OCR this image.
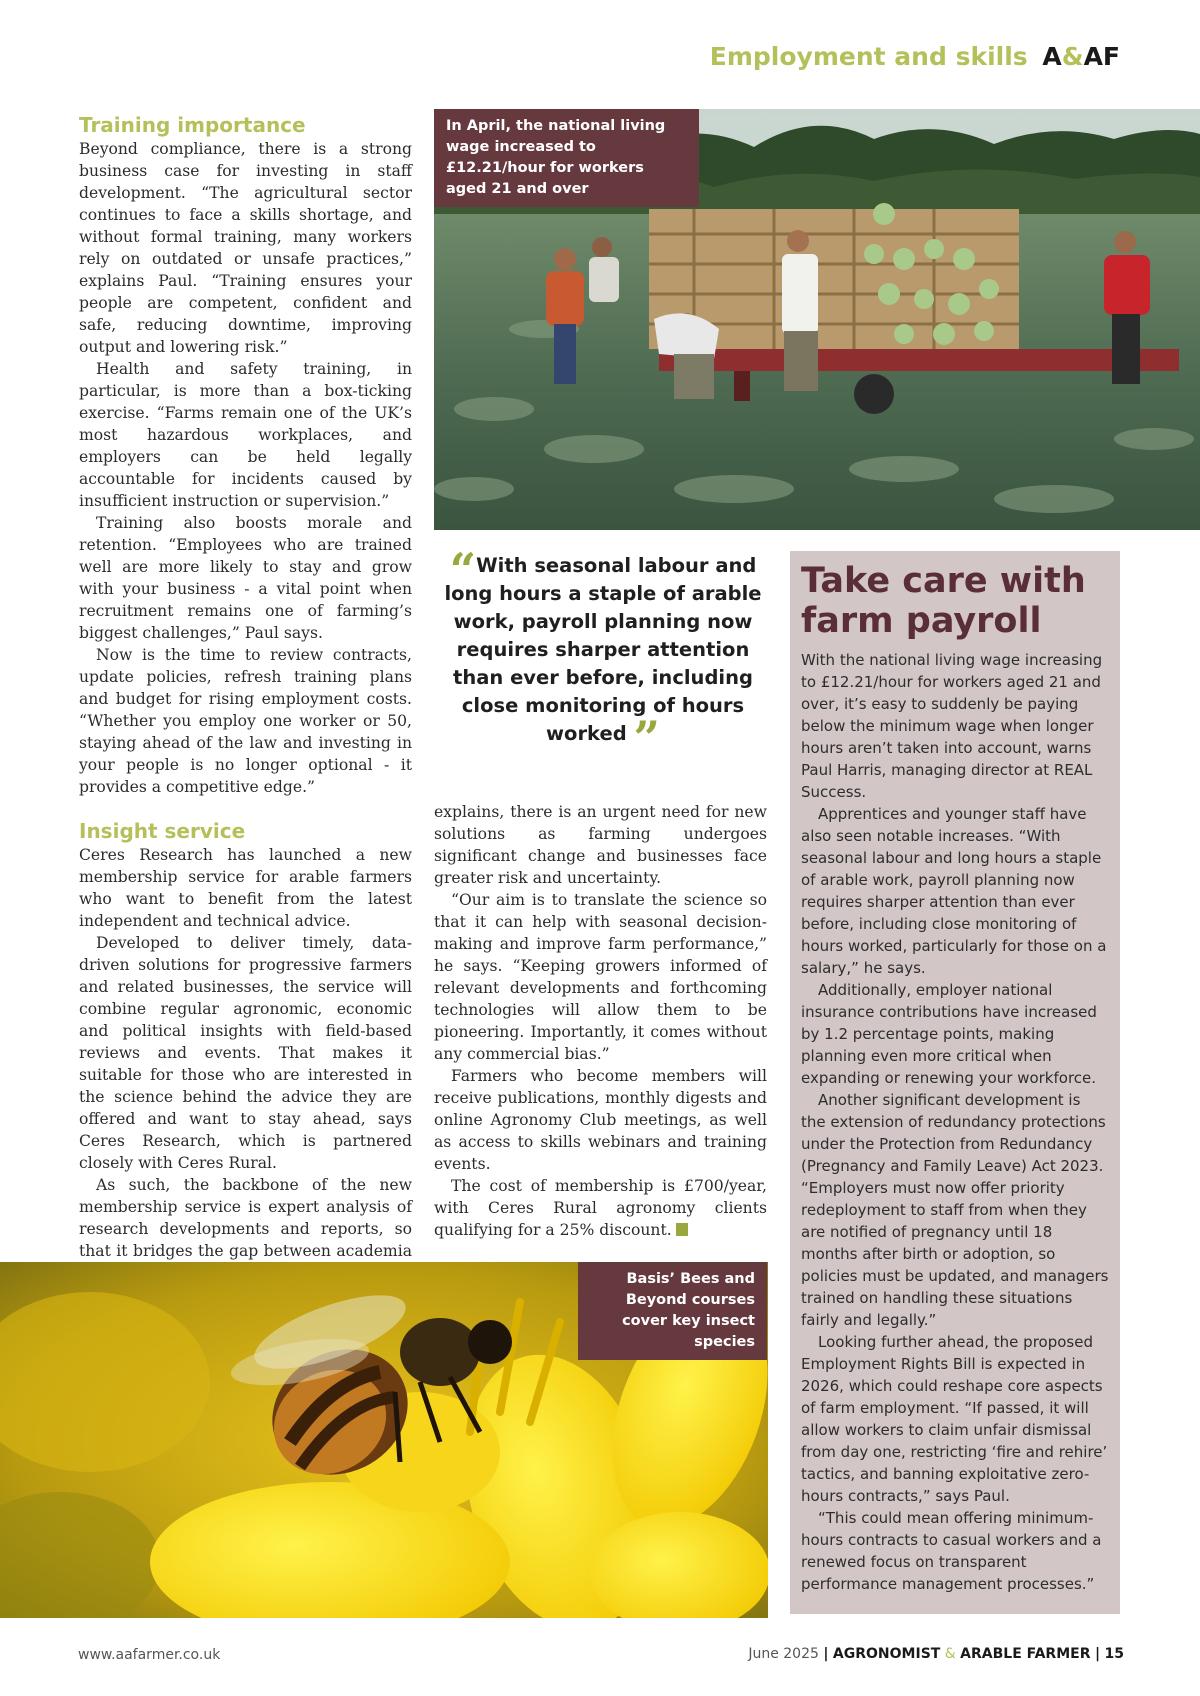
Employment and skills A&AF
Training importance

Beyond compliance, there is a strong business case for investing in staff development. “The agricultural sector continues to face a skills shortage, and without formal training, many workers rely on outdated or unsafe practices,” explains Paul. “Training ensures your people are competent, confident and safe, reducing downtime, improving output and lowering risk.”

Health and safety training, in particular, is more than a box-ticking exercise. “Farms remain one of the UK’s most hazardous workplaces, and employers can be held legally accountable for incidents caused by insufficient instruction or supervision.”

Training also boosts morale and retention. “Employees who are trained well are more likely to stay and grow with your business - a vital point when recruitment remains one of farming’s biggest challenges,” Paul says.

Now is the time to review contracts, update policies, refresh training plans and budget for rising employment costs. “Whether you employ one worker or 50, staying ahead of the law and investing in your people is no longer optional - it provides a competitive edge.”

Insight service

Ceres Research has launched a new membership service for arable farmers who want to benefit from the latest independent and technical advice.

Developed to deliver timely, data-driven solutions for progressive farmers and related businesses, the service will combine regular agronomic, economic and political insights with field-based reviews and events. That makes it suitable for those who are interested in the science behind the advice they are offered and want to stay ahead, says Ceres Research, which is partnered closely with Ceres Rural.

As such, the backbone of the new membership service is expert analysis of research developments and reports, so that it bridges the gap between academia

In April, the national living wage increased to £12.21/hour for workers aged 21 and over
“With seasonal labour and long hours a staple of arable work, payroll planning now requires sharper attention than ever before, including close monitoring of hours worked ”

explains, there is an urgent need for new solutions as farming undergoes significant change and businesses face greater risk and uncertainty.

“Our aim is to translate the science so that it can help with seasonal decision-making and improve farm performance,” he says. “Keeping growers informed of relevant developments and forthcoming technologies will allow them to be pioneering. Importantly, it comes without any commercial bias.”

Farmers who become members will receive publications, monthly digests and online Agronomy Club meetings, as well as access to skills webinars and training events.

The cost of membership is £700/year, with Ceres Rural agronomy clients qualifying for a 25% discount.

Basis’ Bees and Beyond courses cover key insect species
Take care with farm payroll

With the national living wage increasing to £12.21/hour for workers aged 21 and over, it’s easy to suddenly be paying below the minimum wage when longer hours aren’t taken into account, warns Paul Harris, managing director at REAL Success.

Apprentices and younger staff have also seen notable increases. “With seasonal labour and long hours a staple of arable work, payroll planning now requires sharper attention than ever before, including close monitoring of hours worked, particularly for those on a salary,” he says.

Additionally, employer national insurance contributions have increased by 1.2 percentage points, making planning even more critical when expanding or renewing your workforce.

Another significant development is the extension of redundancy protections under the Protection from Redundancy (Pregnancy and Family Leave) Act 2023. “Employers must now offer priority redeployment to staff from when they are notified of pregnancy until 18 months after birth or adoption, so policies must be updated, and managers trained on handling these situations fairly and legally.”

Looking further ahead, the proposed Employment Rights Bill is expected in 2026, which could reshape core aspects of farm employment. “If passed, it will allow workers to claim unfair dismissal from day one, restricting ‘fire and rehire’ tactics, and banning exploitative zero-hours contracts,” says Paul.

“This could mean offering minimum-hours contracts to casual workers and a renewed focus on transparent performance management processes.”

www.aafarmer.co.uk	June 2025 | AGRONOMIST & ARABLE FARMER | 15
